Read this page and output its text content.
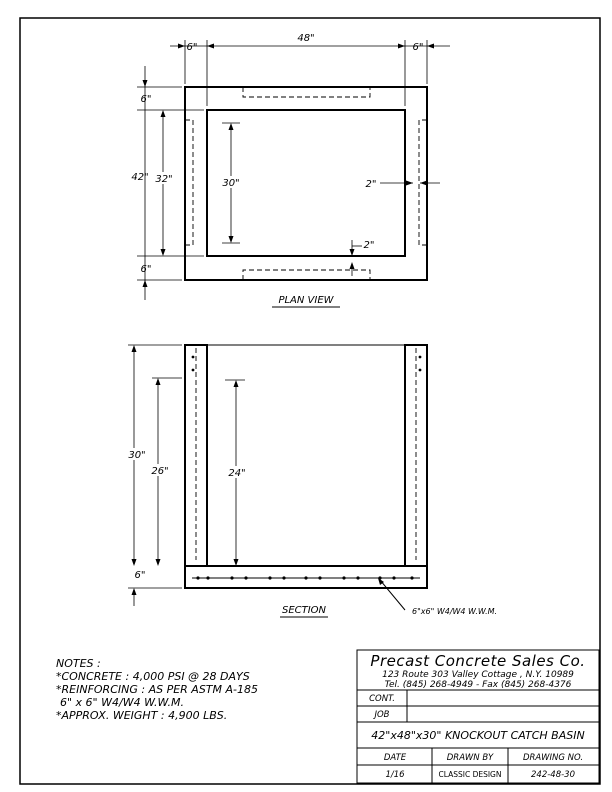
6"
48"
6"
6"
42"
6"
32"	30"	2"
2"
PLAN VIEW
30"
6"
26"	24"
6"x6" W4/W4 W.W.M.
SECTION
NOTES :
*CONCRETE : 4,000 PSI @ 28 DAYS
*REINFORCING : AS PER ASTM A-185
6" x 6" W4/W4 W.W.M.
*APPROX. WEIGHT : 4,900 LBS.
Precast Concrete Sales Co.
123 Route 303 Valley Cottage , N.Y. 10989
Tel. (845) 268-4949 - Fax (845) 268-4376
CONT.
JOB
42"x48"x30" KNOCKOUT CATCH BASIN
DATE	DRAWN BY	DRAWING NO.
1/16	CLASSIC DESIGN	242-48-30
